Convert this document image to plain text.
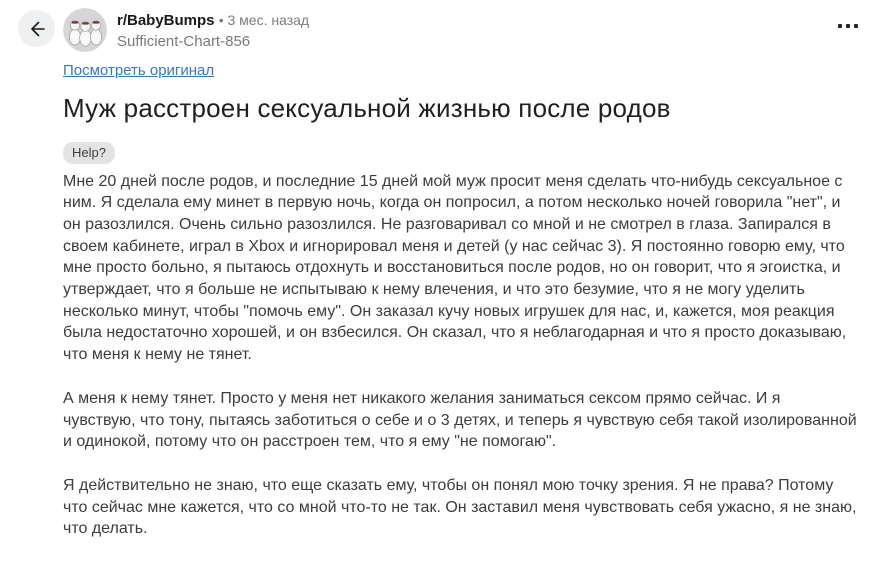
r/BabyBumps • 3 мес. назад
Sufficient-Chart-856
Посмотреть оригинал
Муж расстроен сексуальной жизнью после родов
Help?

Мне 20 дней после родов, и последние 15 дней мой муж просит меня сделать что-нибудь сексуальное с ним. Я сделала ему минет в первую ночь, когда он попросил, а потом несколько ночей говорила "нет", и он разозлился. Очень сильно разозлился. Не разговаривал со мной и не смотрел в глаза. Запирался в своем кабинете, играл в Xbox и игнорировал меня и детей (у нас сейчас 3). Я постоянно говорю ему, что мне просто больно, я пытаюсь отдохнуть и восстановиться после родов, но он говорит, что я эгоистка, и утверждает, что я больше не испытываю к нему влечения, и что это безумие, что я не могу уделить несколько минут, чтобы "помочь ему". Он заказал кучу новых игрушек для нас, и, кажется, моя реакция была недостаточно хорошей, и он взбесился. Он сказал, что я неблагодарная и что я просто доказываю, что меня к нему не тянет.

А меня к нему тянет. Просто у меня нет никакого желания заниматься сексом прямо сейчас. И я чувствую, что тону, пытаясь заботиться о себе и о 3 детях, и теперь я чувствую себя такой изолированной и одинокой, потому что он расстроен тем, что я ему "не помогаю".

Я действительно не знаю, что еще сказать ему, чтобы он понял мою точку зрения. Я не права? Потому что сейчас мне кажется, что со мной что-то не так. Он заставил меня чувствовать себя ужасно, я не знаю, что делать.
